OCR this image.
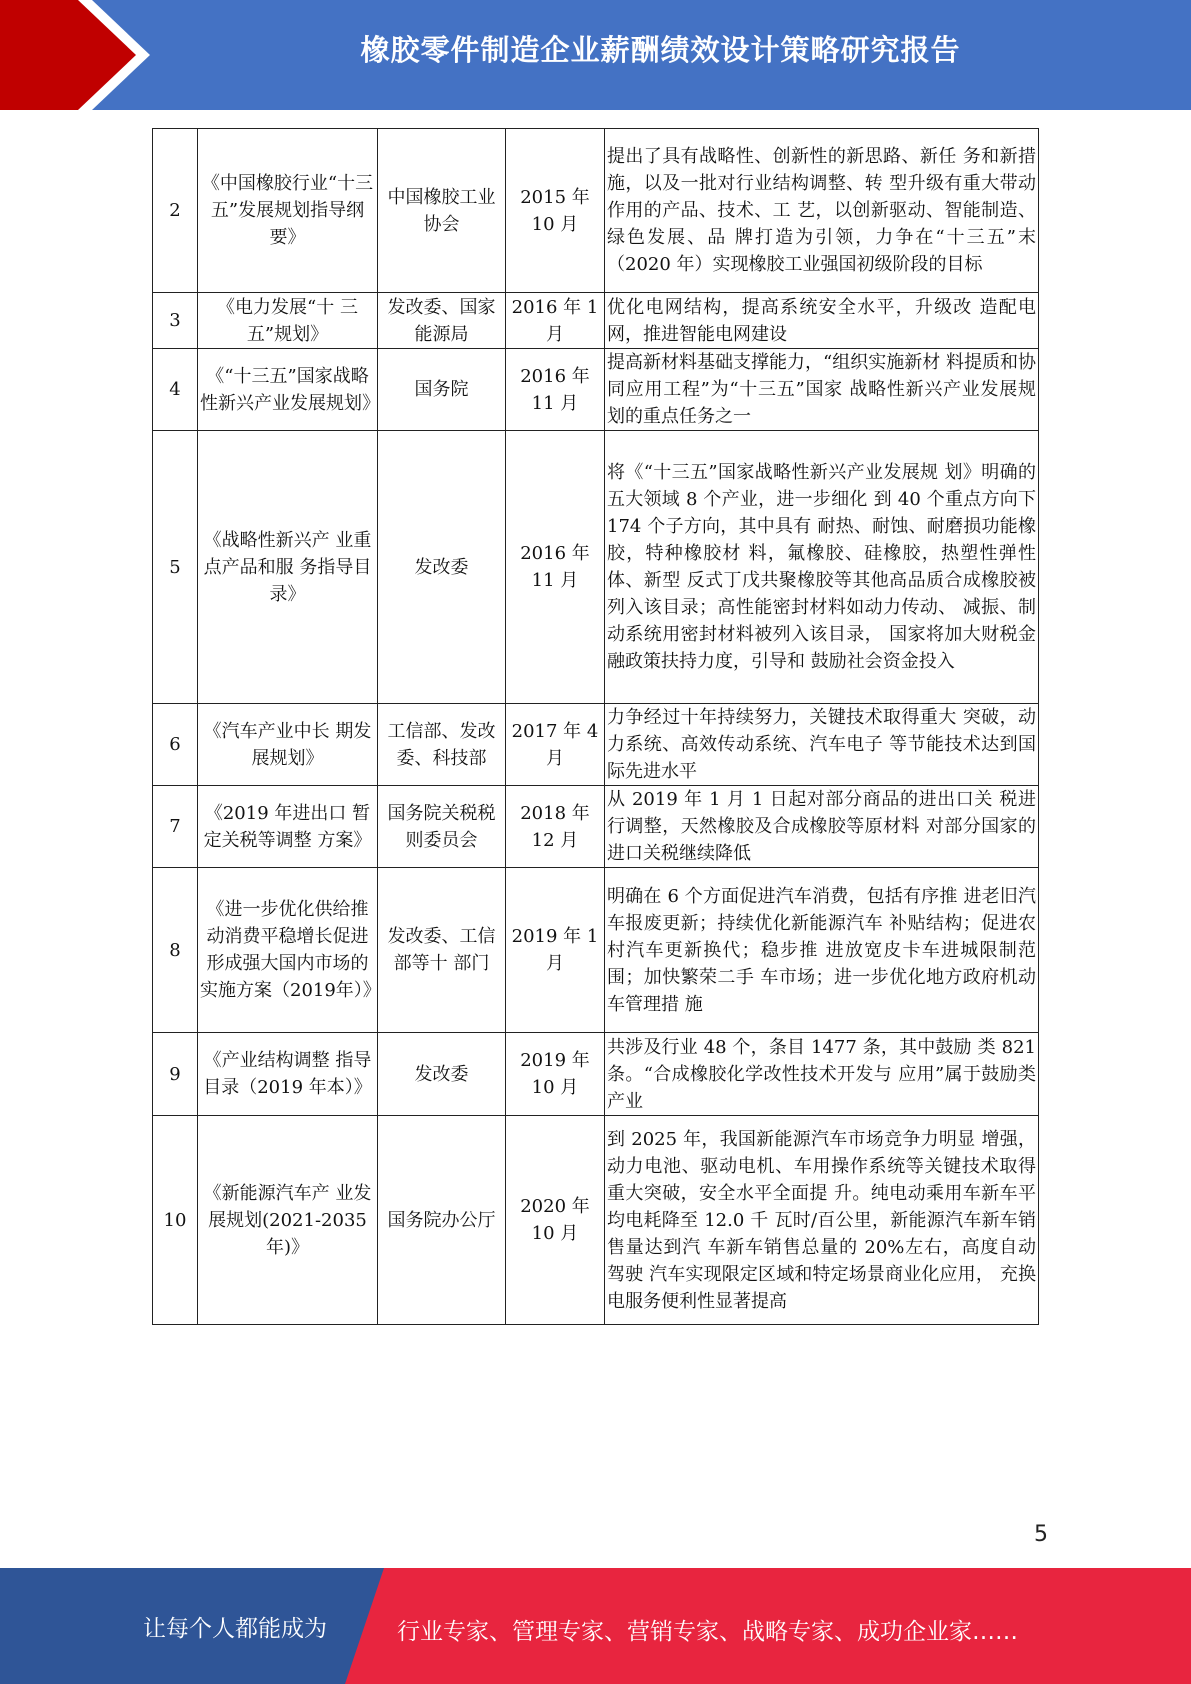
橡胶零件制造企业薪酬绩效设计策略研究报告
2	《中国橡胶行业“十三五”发展规划指导纲要》	中国橡胶工业协会	2015 年 10 月	提出了具有战略性、创新性的新思路、新任 务和新措施，以及一批对行业结构调整、转 型升级有重大带动作用的产品、技术、工 艺，以创新驱动、智能制造、绿色发展、品 牌打造为引领，力争在“十三五”末（2020 年）实现橡胶工业强国初级阶段的目标
3	《电力发展“十 三五”规划》	发改委、国家能源局	2016 年 1 月	优化电网结构，提高系统安全水平，升级改 造配电网，推进智能电网建设
4	《“十三五”国家战略性新兴产业发展规划》	国务院	2016 年 11 月	提高新材料基础支撑能力，“组织实施新材 料提质和协同应用工程”为“十三五”国家 战略性新兴产业发展规划的重点任务之一
5	《战略性新兴产 业重点产品和服 务指导目录》	发改委	2016 年 11 月	将《“十三五”国家战略性新兴产业发展规 划》明确的五大领域 8 个产业，进一步细化 到 40 个重点方向下 174 个子方向，其中具有 耐热、耐蚀、耐磨损功能橡胶，特种橡胶材 料，氟橡胶、硅橡胶，热塑性弹性体、新型 反式丁戊共聚橡胶等其他高品质合成橡胶被 列入该目录；高性能密封材料如动力传动、 减振、制动系统用密封材料被列入该目录， 国家将加大财税金融政策扶持力度，引导和 鼓励社会资金投入
6	《汽车产业中长 期发展规划》	工信部、发改委、科技部	2017 年 4 月	力争经过十年持续努力，关键技术取得重大 突破，动力系统、高效传动系统、汽车电子 等节能技术达到国际先进水平
7	《2019 年进出口 暂定关税等调整 方案》	国务院关税税则委员会	2018 年 12 月	从 2019 年 1 月 1 日起对部分商品的进出口关 税进行调整，天然橡胶及合成橡胶等原材料 对部分国家的进口关税继续降低
8	《进一步优化供给推动消费平稳增长促进形成强大国内市场的实施方案（2019年）》	发改委、工信部等十 部门	2019 年 1 月	明确在 6 个方面促进汽车消费，包括有序推 进老旧汽车报废更新；持续优化新能源汽车 补贴结构；促进农村汽车更新换代；稳步推 进放宽皮卡车进城限制范围；加快繁荣二手 车市场；进一步优化地方政府机动车管理措 施
9	《产业结构调整 指导目录（2019 年本）》	发改委	2019 年 10 月	共涉及行业 48 个，条目 1477 条，其中鼓励 类 821 条。“合成橡胶化学改性技术开发与 应用”属于鼓励类产业
10	《新能源汽车产 业发展规划(2021-2035 年)》	国务院办公厅	2020 年 10 月	到 2025 年，我国新能源汽车市场竞争力明显 增强，动力电池、驱动电机、车用操作系统等关键技术取得重大突破，安全水平全面提 升。纯电动乘用车新车平均电耗降至 12.0 千 瓦时/百公里，新能源汽车新车销售量达到汽 车新车销售总量的 20%左右，高度自动驾驶 汽车实现限定区域和特定场景商业化应用， 充换电服务便利性显著提高
5
让每个人都能成为	行业专家、管理专家、营销专家、战略专家、成功企业家……
